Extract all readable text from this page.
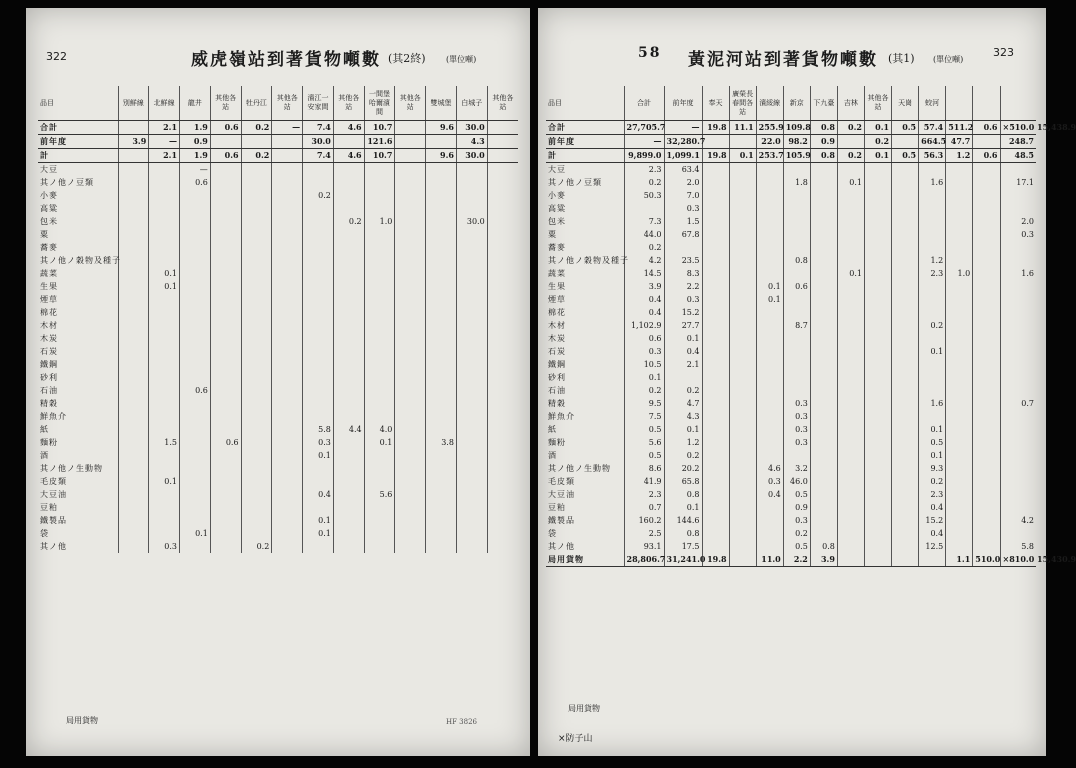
322	威虎嶺站到著貨物噸數 (其2終)	(單位噸)
品目	別鮮線	北鮮線	龍井	其他各站	牡丹江	其他各站	濱江一安家間	其他各站	一間堡哈爾濱間	其他各站	雙城堡	白城子	其他各站
合計		2.1	1.9	0.6	0.2	—	7.4	4.6	10.7		9.6	30.0	
前年度	3.9	—	0.9				30.0		121.6			4.3	
計		2.1	1.9	0.6	0.2		7.4	4.6	10.7		9.6	30.0	
大豆			—										
其ノ他ノ豆類			0.6										
小麥							0.2						
高粱													
包米								0.2	1.0			30.0	
粟													
蕎麥													
其ノ他ノ穀物及種子													
蔬菜		0.1											
生果		0.1											
煙草													
棉花													
木材													
木炭													
石炭													
鐵鋼													
砂利													
石油			0.6										
精穀													
鮮魚介													
紙							5.8	4.4	4.0				
麵粉		1.5		0.6			0.3		0.1		3.8		
酒							0.1						
其ノ他ノ生動物													
毛皮類		0.1											
大豆油							0.4		5.6				
豆粕													
鐵製品							0.1						
袋			0.1				0.1						
其ノ他		0.3			0.2								
局用貨物	HF 3826
58 黃泥河站到著貨物噸數 (其1) (單位噸)
323
品目	合計	前年度	奉天	廣榮長春間各站	濱綏線	新京	下九臺	吉林	其他各站	天崗	蛟河			
合計	27,705.7	—	19.8	11.1	255.9	109.8	0.8	0.2	0.1	0.5	57.4	511.2	0.6	×510.0 15,438.9
前年度	—	32,280.7			22.0	98.2	0.9		0.2		664.5	47.7		248.7
計	9,899.0	1,099.1	19.8	0.1	253.7	105.9	0.8	0.2	0.1	0.5	56.3	1.2	0.6	48.5
大豆	2.3	63.4												
其ノ他ノ豆類	0.2	2.0				1.8		0.1			1.6			17.1
小麥	50.3	7.0												
高粱		0.3												
包米	7.3	1.5												2.0
粟	44.0	67.8												0.3
蕎麥	0.2													
其ノ他ノ穀物及種子	4.2	23.5				0.8					1.2			
蔬菜	14.5	8.3						0.1			2.3	1.0		1.6
生果	3.9	2.2			0.1	0.6								
煙草	0.4	0.3			0.1									
棉花	0.4	15.2												
木材	1,102.9	27.7				8.7					0.2			
木炭	0.6	0.1												
石炭	0.3	0.4									0.1			
鐵鋼	10.5	2.1												
砂利	0.1													
石油	0.2	0.2												
精穀	9.5	4.7				0.3					1.6			0.7
鮮魚介	7.5	4.3				0.3								
紙	0.5	0.1				0.3					0.1			
麵粉	5.6	1.2				0.3					0.5			
酒	0.5	0.2									0.1			
其ノ他ノ生動物	8.6	20.2			4.6	3.2					9.3			
毛皮類	41.9	65.8			0.3	46.0					0.2			
大豆油	2.3	0.8			0.4	0.5					2.3			
豆粕	0.7	0.1				0.9					0.4			
鐵製品	160.2	144.6				0.3					15.2			4.2
袋	2.5	0.8				0.2					0.4			
其ノ他	93.1	17.5				0.5	0.8				12.5			5.8
局用貨物	28,806.7	31,241.0	19.8		11.0	2.2	3.9					1.1	510.0	×810.0 15,430.9
局用貨物
×防子山
